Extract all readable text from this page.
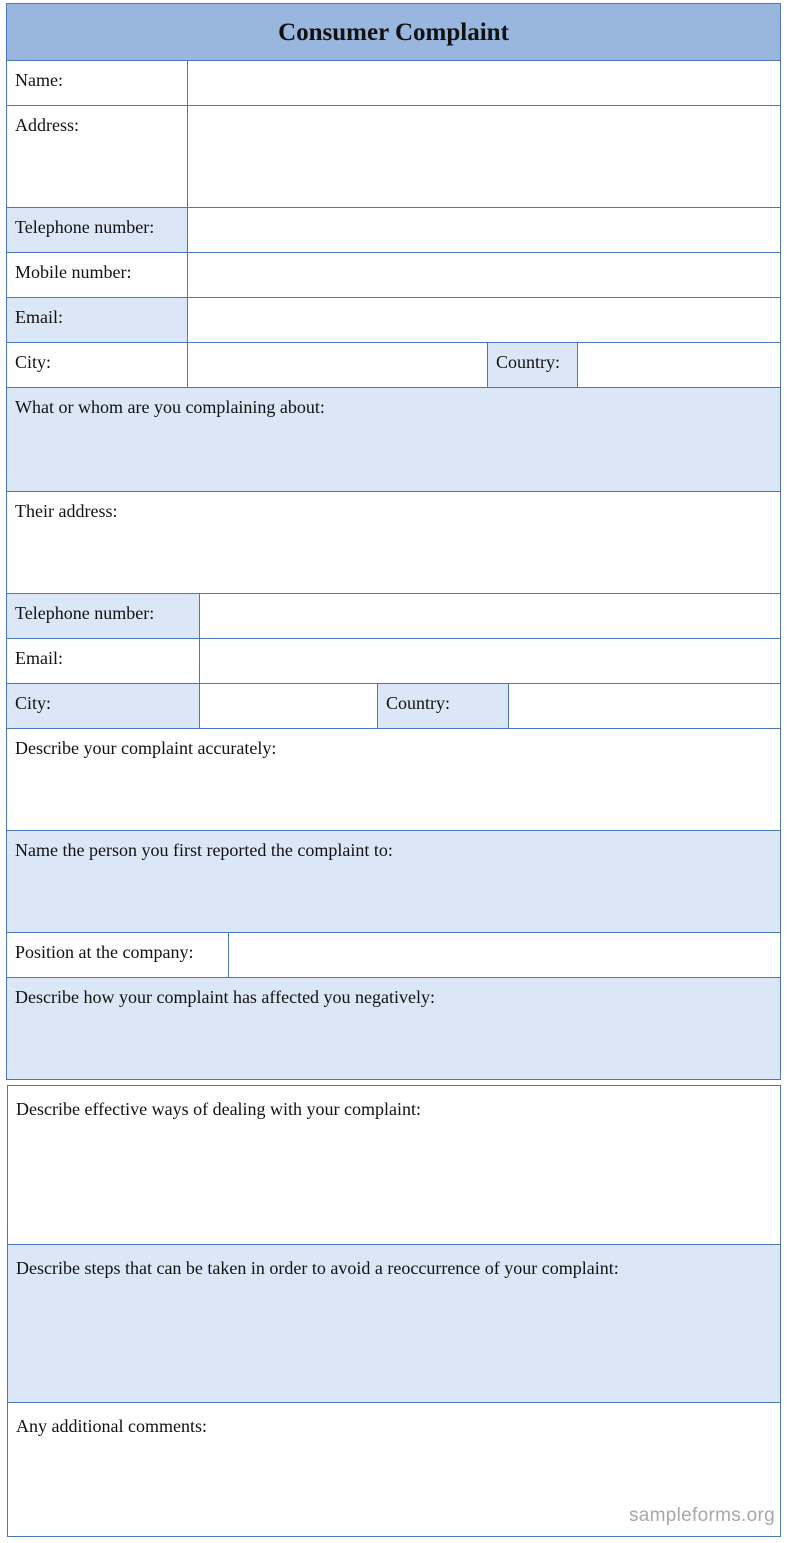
Consumer Complaint
Name:
Address:
Telephone number:
Mobile number:
Email:
City:	Country:
What or whom are you complaining about:
Their address:
Telephone number:
Email:
City:	Country:
Describe your complaint accurately:
Name the person you first reported the complaint to:
Position at the company:
Describe how your complaint has affected you negatively:
Describe effective ways of dealing with your complaint:
Describe steps that can be taken in order to avoid a reoccurrence of your complaint:
Any additional comments:
sampleforms.org
